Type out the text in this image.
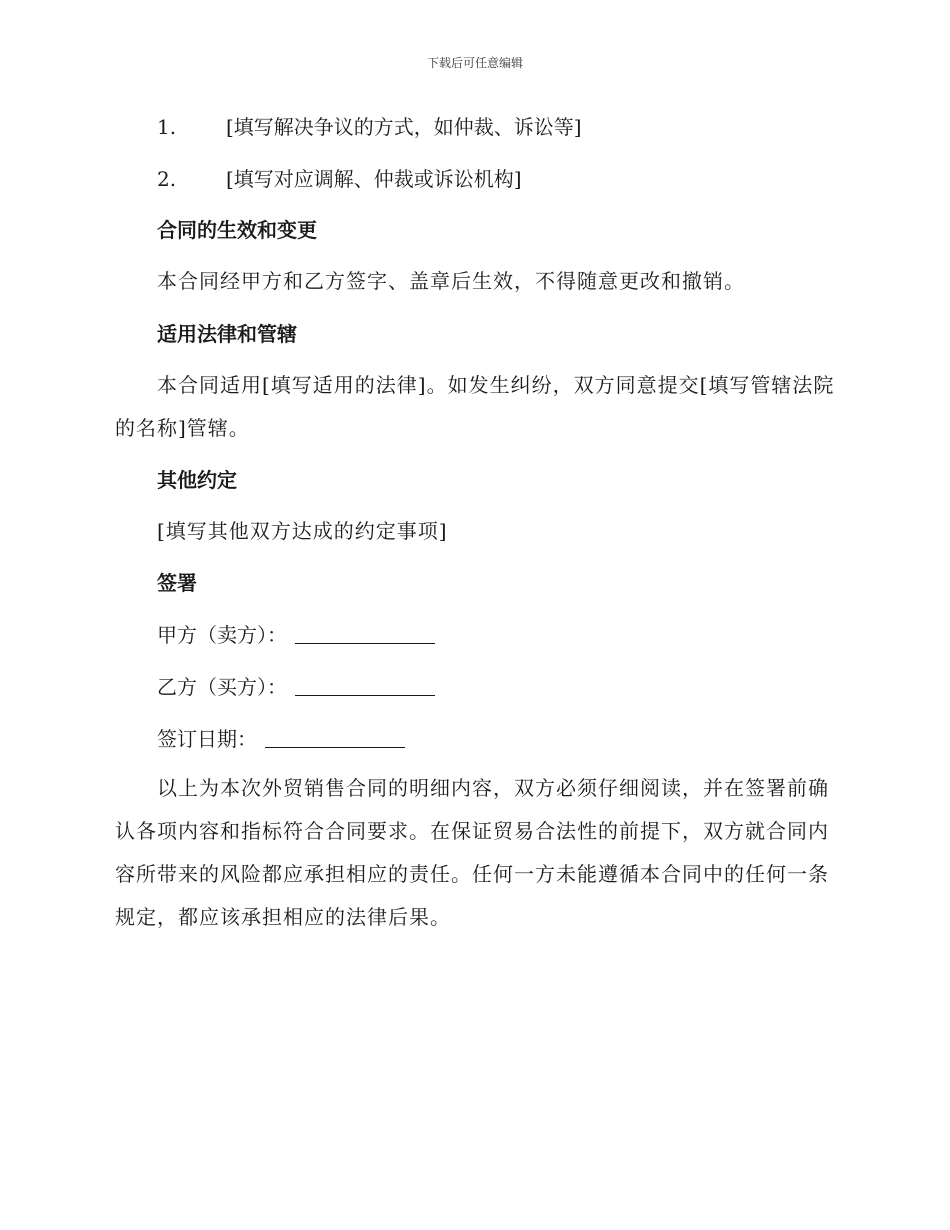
下载后可任意编辑
1. [填写解决争议的方式，如仲裁、诉讼等]
2. [填写对应调解、仲裁或诉讼机构]
合同的生效和变更
本合同经甲方和乙方签字、盖章后生效，不得随意更改和撤销。
适用法律和管辖
本合同适用[填写适用的法律]。如发生纠纷，双方同意提交[填写管辖法院的名称]管辖。
其他约定
[填写其他双方达成的约定事项]
签署
甲方（卖方）：
乙方（买方）：
签订日期：
以上为本次外贸销售合同的明细内容，双方必须仔细阅读，并在签署前确认各项内容和指标符合合同要求。在保证贸易合法性的前提下，双方就合同内容所带来的风险都应承担相应的责任。任何一方未能遵循本合同中的任何一条规定，都应该承担相应的法律后果。
